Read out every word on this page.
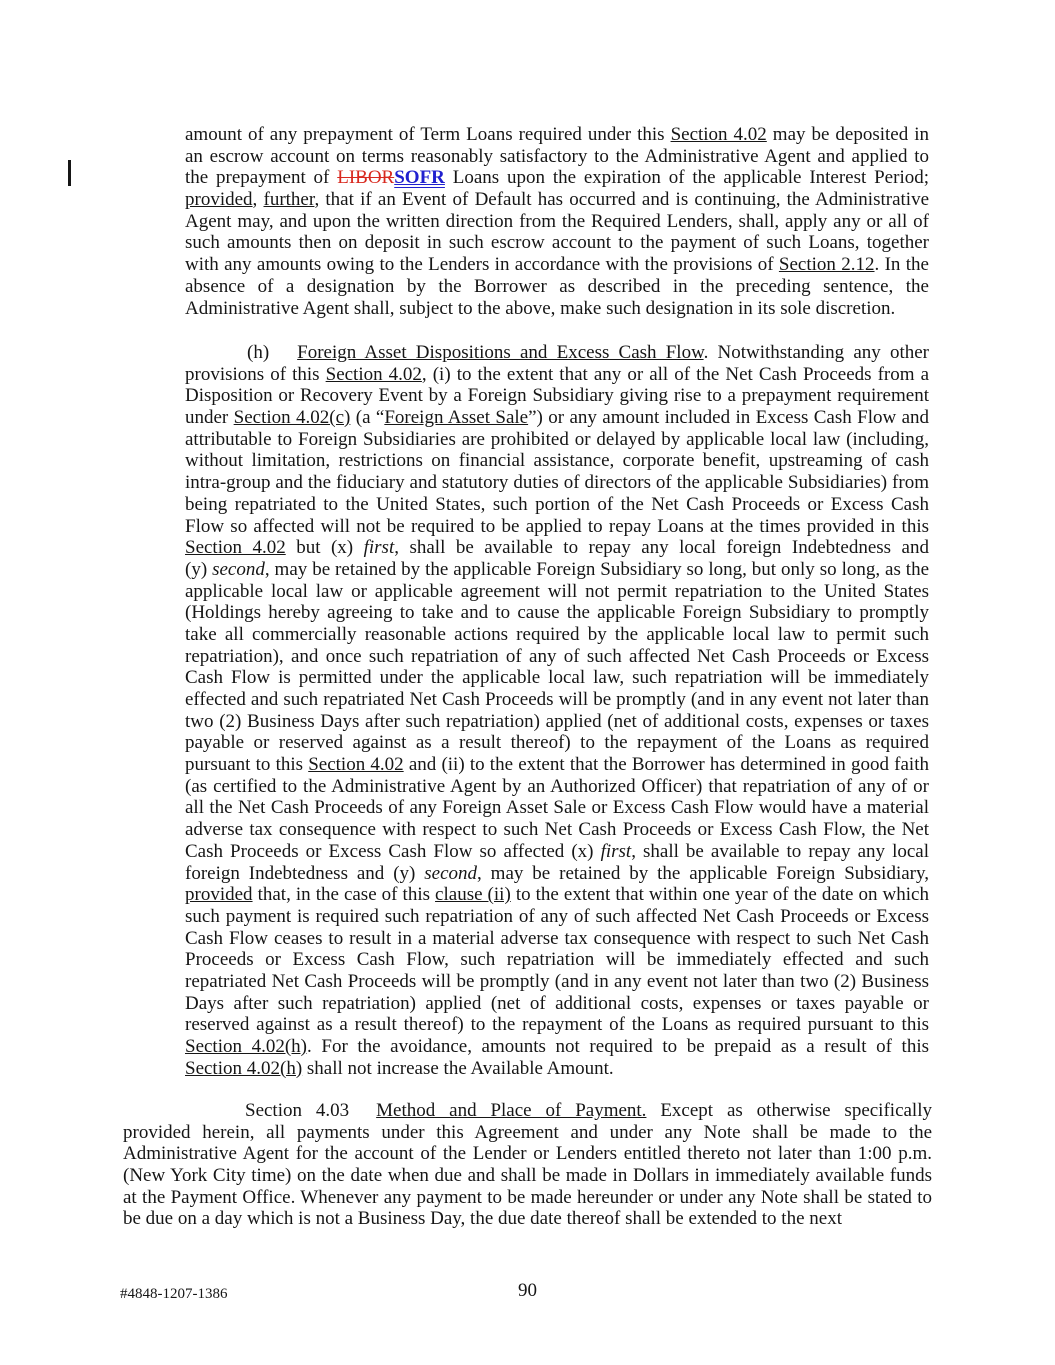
amount of any prepayment of Term Loans required under this Section 4.02 may be deposited in
an escrow account on terms reasonably satisfactory to the Administrative Agent and applied to
the prepayment of LIBORSOFR Loans upon the expiration of the applicable Interest Period;
provided, further, that if an Event of Default has occurred and is continuing, the Administrative
Agent may, and upon the written direction from the Required Lenders, shall, apply any or all of
such amounts then on deposit in such escrow account to the payment of such Loans, together
with any amounts owing to the Lenders in accordance with the provisions of Section 2.12. In the
absence of a designation by the Borrower as described in the preceding sentence, the
Administrative Agent shall, subject to the above, make such designation in its sole discretion.
(h) Foreign Asset Dispositions and Excess Cash Flow. Notwithstanding any other
provisions of this Section 4.02, (i) to the extent that any or all of the Net Cash Proceeds from a
Disposition or Recovery Event by a Foreign Subsidiary giving rise to a prepayment requirement
under Section 4.02(c) (a “Foreign Asset Sale”) or any amount included in Excess Cash Flow and
attributable to Foreign Subsidiaries are prohibited or delayed by applicable local law (including,
without limitation, restrictions on financial assistance, corporate benefit, upstreaming of cash
intra-group and the fiduciary and statutory duties of directors of the applicable Subsidiaries) from
being repatriated to the United States, such portion of the Net Cash Proceeds or Excess Cash
Flow so affected will not be required to be applied to repay Loans at the times provided in this
Section 4.02 but (x) first, shall be available to repay any local foreign Indebtedness and
(y) second, may be retained by the applicable Foreign Subsidiary so long, but only so long, as the
applicable local law or applicable agreement will not permit repatriation to the United States
(Holdings hereby agreeing to take and to cause the applicable Foreign Subsidiary to promptly
take all commercially reasonable actions required by the applicable local law to permit such
repatriation), and once such repatriation of any of such affected Net Cash Proceeds or Excess
Cash Flow is permitted under the applicable local law, such repatriation will be immediately
effected and such repatriated Net Cash Proceeds will be promptly (and in any event not later than
two (2) Business Days after such repatriation) applied (net of additional costs, expenses or taxes
payable or reserved against as a result thereof) to the repayment of the Loans as required
pursuant to this Section 4.02 and (ii) to the extent that the Borrower has determined in good faith
(as certified to the Administrative Agent by an Authorized Officer) that repatriation of any of or
all the Net Cash Proceeds of any Foreign Asset Sale or Excess Cash Flow would have a material
adverse tax consequence with respect to such Net Cash Proceeds or Excess Cash Flow, the Net
Cash Proceeds or Excess Cash Flow so affected (x) first, shall be available to repay any local
foreign Indebtedness and (y) second, may be retained by the applicable Foreign Subsidiary,
provided that, in the case of this clause (ii) to the extent that within one year of the date on which
such payment is required such repatriation of any of such affected Net Cash Proceeds or Excess
Cash Flow ceases to result in a material adverse tax consequence with respect to such Net Cash
Proceeds or Excess Cash Flow, such repatriation will be immediately effected and such
repatriated Net Cash Proceeds will be promptly (and in any event not later than two (2) Business
Days after such repatriation) applied (net of additional costs, expenses or taxes payable or
reserved against as a result thereof) to the repayment of the Loans as required pursuant to this
Section 4.02(h). For the avoidance, amounts not required to be prepaid as a result of this
Section 4.02(h) shall not increase the Available Amount.
Section 4.03 Method and Place of Payment. Except as otherwise specifically
provided herein, all payments under this Agreement and under any Note shall be made to the
Administrative Agent for the account of the Lender or Lenders entitled thereto not later than 1:00 p.m.
(New York City time) on the date when due and shall be made in Dollars in immediately available funds
at the Payment Office. Whenever any payment to be made hereunder or under any Note shall be stated to
be due on a day which is not a Business Day, the due date thereof shall be extended to the next
#4848-1207-1386	90
